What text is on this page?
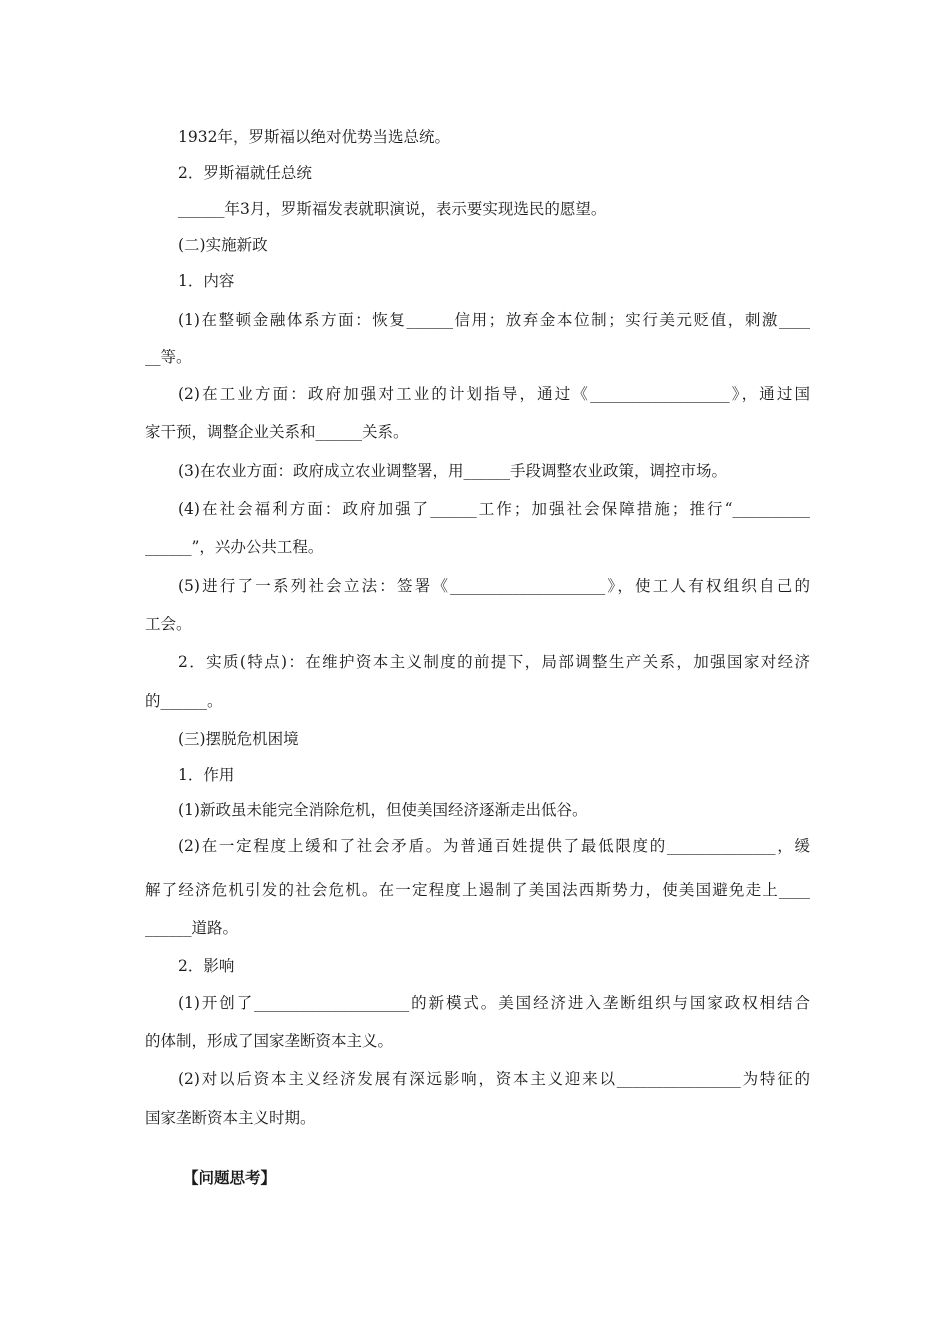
1932年，罗斯福以绝对优势当选总统。
2．罗斯福就任总统
______年3月，罗斯福发表就职演说，表示要实现选民的愿望。
(二)实施新政
1．内容
(1)在整顿金融体系方面：恢复______信用；放弃金本位制；实行美元贬值，刺激____
__等。
(2)在工业方面：政府加强对工业的计划指导，通过《__________________》，通过国
家干预，调整企业关系和______关系。
(3)在农业方面：政府成立农业调整署，用______手段调整农业政策，调控市场。
(4)在社会福利方面：政府加强了______工作；加强社会保障措施；推行“__________
______”，兴办公共工程。
(5)进行了一系列社会立法：签署《____________________》，使工人有权组织自己的
工会。
2．实质(特点)：在维护资本主义制度的前提下，局部调整生产关系，加强国家对经济
的______。
(三)摆脱危机困境
1．作用
(1)新政虽未能完全消除危机，但使美国经济逐渐走出低谷。
(2)在一定程度上缓和了社会矛盾。为普通百姓提供了最低限度的______________，缓
解了经济危机引发的社会危机。在一定程度上遏制了美国法西斯势力，使美国避免走上____
______道路。
2．影响
(1)开创了____________________的新模式。美国经济进入垄断组织与国家政权相结合
的体制，形成了国家垄断资本主义。
(2)对以后资本主义经济发展有深远影响，资本主义迎来以________________为特征的
国家垄断资本主义时期。
【问题思考】
